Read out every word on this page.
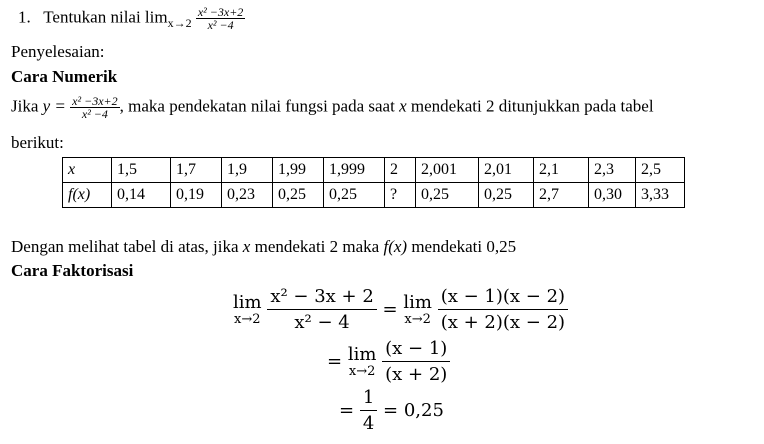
1. Tentukan nilai $\lim_{x\to 2} \frac{\text{x² −3x+2}}{\text{x² −4}}$
Penyelesaian:
Cara Numerik
Jika $y = \frac{\text{x² −3x+2}}{\text{x² −4}}$ , maka pendekatan nilai fungsi pada saat x mendekati 2 ditunjukkan pada tabel
berikut:
x	1,5	1,7	1,9	1,99	1,999	2	2,001	2,01	2,1	2,3	2,5
f(x)	0,14	0,19	0,23	0,25	0,25	?	0,25	0,25	2,7	0,30	3,33
Dengan melihat tabel di atas, jika x mendekati 2 maka f(x) mendekati 0,25
Cara Faktorisasi
lim
x→2
$\frac{\text{x² − 3x + 2}}{\text{x² − 4}} = \lim$
x→2
$\frac{(x - 1)(x - 2)}{(x + 2)(x - 2)}$
= lim
x→2
$\frac{(x - 1)}{(x + 2)}$
= $\frac{1}{4} = 0,25$
